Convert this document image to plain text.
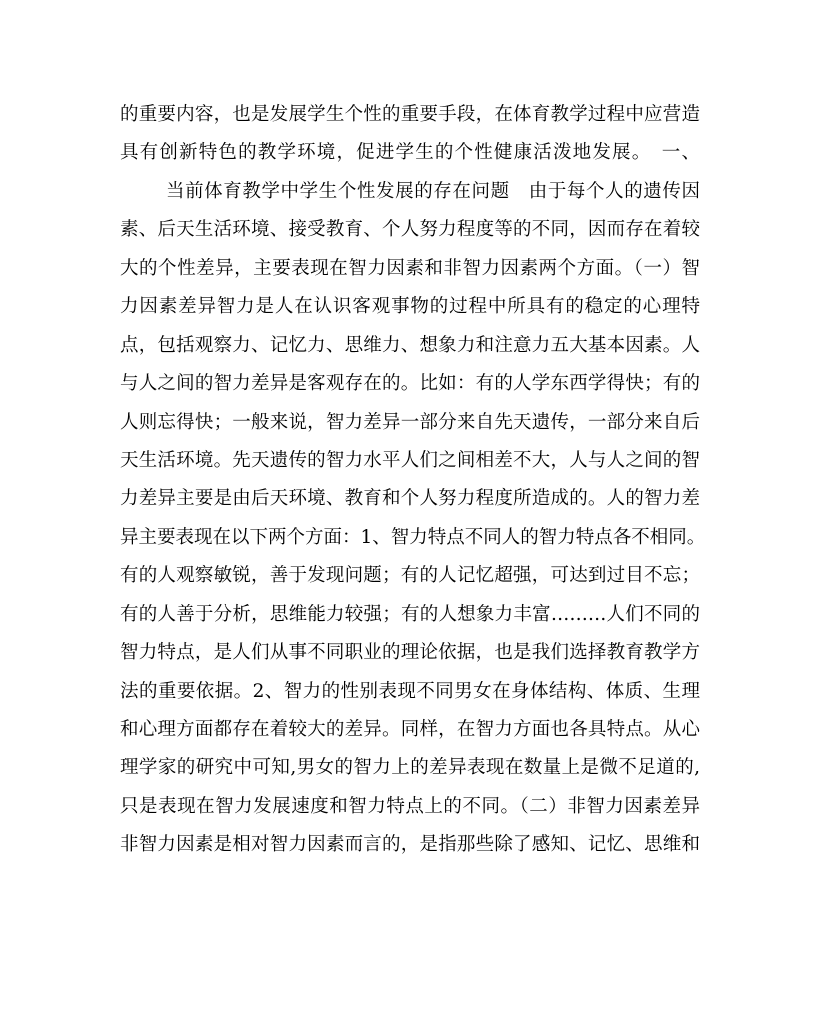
的重要内容，也是发展学生个性的重要手段，在体育教学过程中应营造
具有创新特色的教学环境，促进学生的个性健康活泼地发展。　一、
当前体育教学中学生个性发展的存在问题　由于每个人的遗传因
素、后天生活环境、接受教育、个人努力程度等的不同，因而存在着较
大的个性差异，主要表现在智力因素和非智力因素两个方面。（一）智
力因素差异智力是人在认识客观事物的过程中所具有的稳定的心理特
点，包括观察力、记忆力、思维力、想象力和注意力五大基本因素。人
与人之间的智力差异是客观存在的。比如：有的人学东西学得快；有的
人则忘得快；一般来说，智力差异一部分来自先天遗传，一部分来自后
天生活环境。先天遗传的智力水平人们之间相差不大，人与人之间的智
力差异主要是由后天环境、教育和个人努力程度所造成的。人的智力差
异主要表现在以下两个方面：1、智力特点不同人的智力特点各不相同。
有的人观察敏锐，善于发现问题；有的人记忆超强，可达到过目不忘；
有的人善于分析，思维能力较强；有的人想象力丰富………人们不同的
智力特点，是人们从事不同职业的理论依据，也是我们选择教育教学方
法的重要依据。2、智力的性别表现不同男女在身体结构、体质、生理
和心理方面都存在着较大的差异。同样，在智力方面也各具特点。从心
理学家的研究中可知,男女的智力上的差异表现在数量上是微不足道的,
只是表现在智力发展速度和智力特点上的不同。（二）非智力因素差异
非智力因素是相对智力因素而言的，是指那些除了感知、记忆、思维和
